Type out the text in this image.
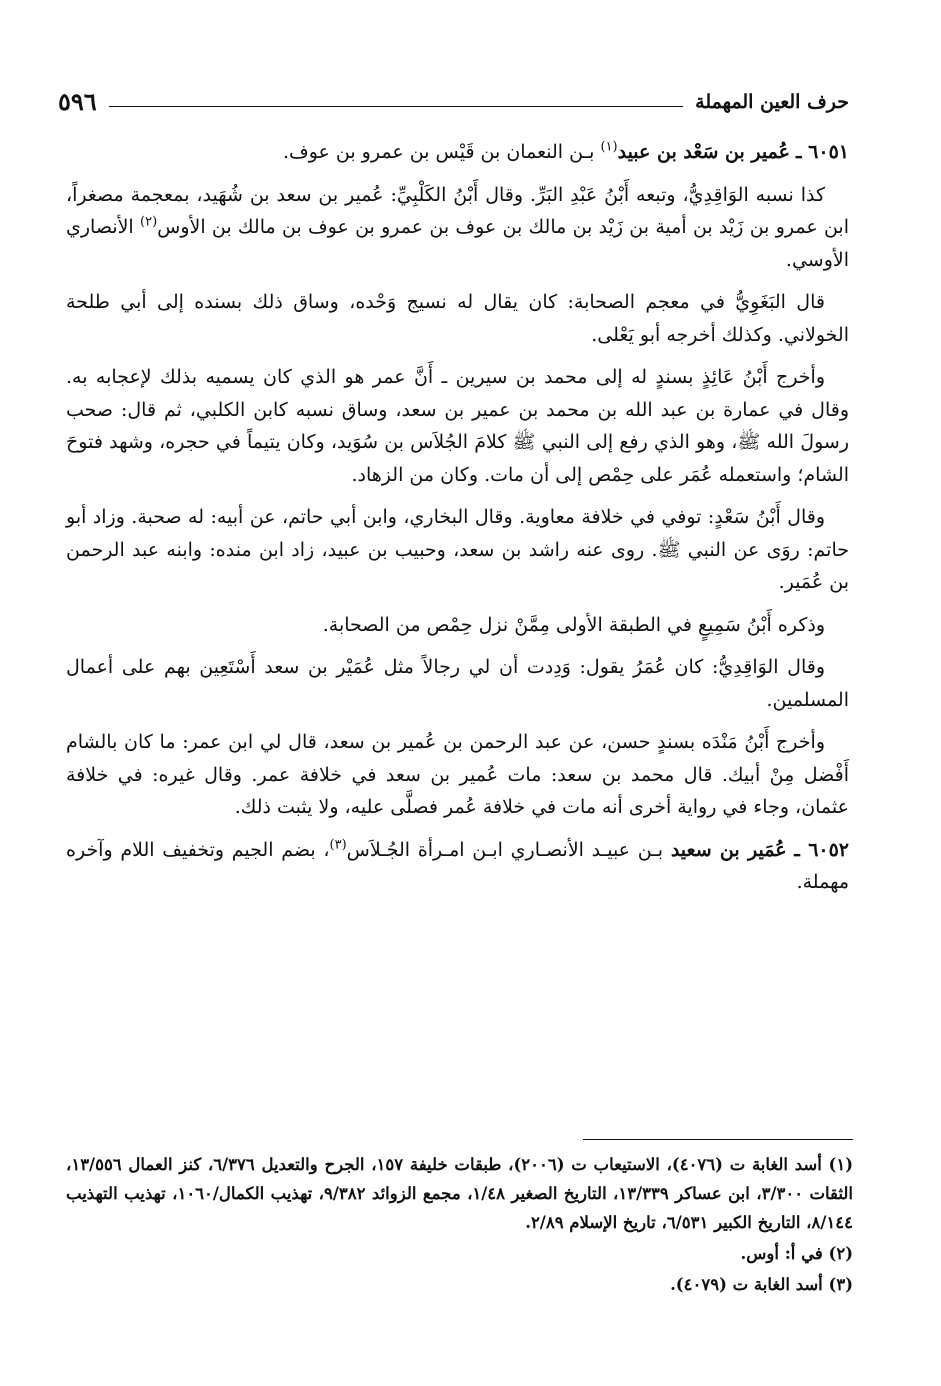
حرف العين المهملة
٥٩٦

٦٠٥١ ـ عُمير بن سَعْد بن عبيد$^{(١)}$ بـن النعمان بن قَيْس بن عمرو بن عوف.

كذا نسبه الوَاقِدِيُّ، وتبعه أَبْنُ عَبْدِ البَرِّ. وقال أَبْنُ الكَلْبِيِّ: عُمير بن سعد بن شُهَيد، بمعجمة مصغراً، ابن عمرو بن زَيْد بن أمية بن زَيْد بن مالك بن عوف بن عمرو بن عوف بن مالك بن الأوس$^{(٢)}$ الأنصاري الأوسي.

قال البَغَوِيُّ في معجم الصحابة: كان يقال له نسيج وَحْده، وساق ذلك بسنده إلى أبي طلحة الخولاني. وكذلك أخرجه أبو يَعْلى.

وأخرج أَبْنُ عَائِذٍ بسندٍ له إلى محمد بن سيرين ـ أَنَّ عمر هو الذي كان يسميه بذلك لإعجابه به. وقال في عمارة بن عبد الله بن محمد بن عمير بن سعد، وساق نسبه كابن الكلبي، ثم قال: صحب رسولَ الله ﷺ، وهو الذي رفع إلى النبي ﷺ كلامَ الجُلاَس بن سُوَيد، وكان يتيماً في حجره، وشهد فتوحَ الشام؛ واستعمله عُمَر على حِمْص إلى أن مات. وكان من الزهاد.

وقال أَبْنُ سَعْدٍ: توفي في خلافة معاوية. وقال البخاري، وابن أبي حاتم، عن أبيه: له صحبة. وزاد أبو حاتم: روَى عن النبي ﷺ. روى عنه راشد بن سعد، وحبيب بن عبيد، زاد ابن منده: وابنه عبد الرحمن بن عُمَير.

وذكره أَبْنُ سَمِيعٍ في الطبقة الأولى مِمَّنْ نزل حِمْص من الصحابة.

وقال الوَاقِدِيُّ: كان عُمَرُ يقول: وَدِدت أن لي رجالاً مثل عُمَيْر بن سعد أَسْتَعِين بهم على أعمال المسلمين.

وأخرج أَبْنُ مَنْدَه بسندٍ حسن، عن عبد الرحمن بن عُمير بن سعد، قال لي ابن عمر: ما كان بالشام أَفْضل مِنْ أبيك. قال محمد بن سعد: مات عُمير بن سعد في خلافة عمر. وقال غيره: في خلافة عثمان، وجاء في رواية أخرى أنه مات في خلافة عُمر فصلَّى عليه، ولا يثبت ذلك.

٦٠٥٢ ـ عُمَير بن سعيد بـن عبيـد الأنصـاري ابـن امـرأة الجُـلاَس$^{(٣)}$، بضم الجيم وتخفيف اللام وآخره مهملة.

(١) أسد الغابة ت (٤٠٧٦)، الاستيعاب ت (٢٠٠٦)، طبقات خليفة ١٥٧، الجرح والتعديل ٦/٣٧٦، كنز العمال ١٣/٥٥٦، الثقات ٣/٣٠٠، ابن عساكر ١٣/٣٣٩، التاريخ الصغير ١/٤٨، مجمع الزوائد ٩/٣٨٢، تهذيب الكمال/١٠٦٠، تهذيب التهذيب ٨/١٤٤، التاريخ الكبير ٦/٥٣١، تاريخ الإسلام ٢/٨٩.

(٢) في أ: أوس.

(٣) أسد الغابة ت (٤٠٧٩).
